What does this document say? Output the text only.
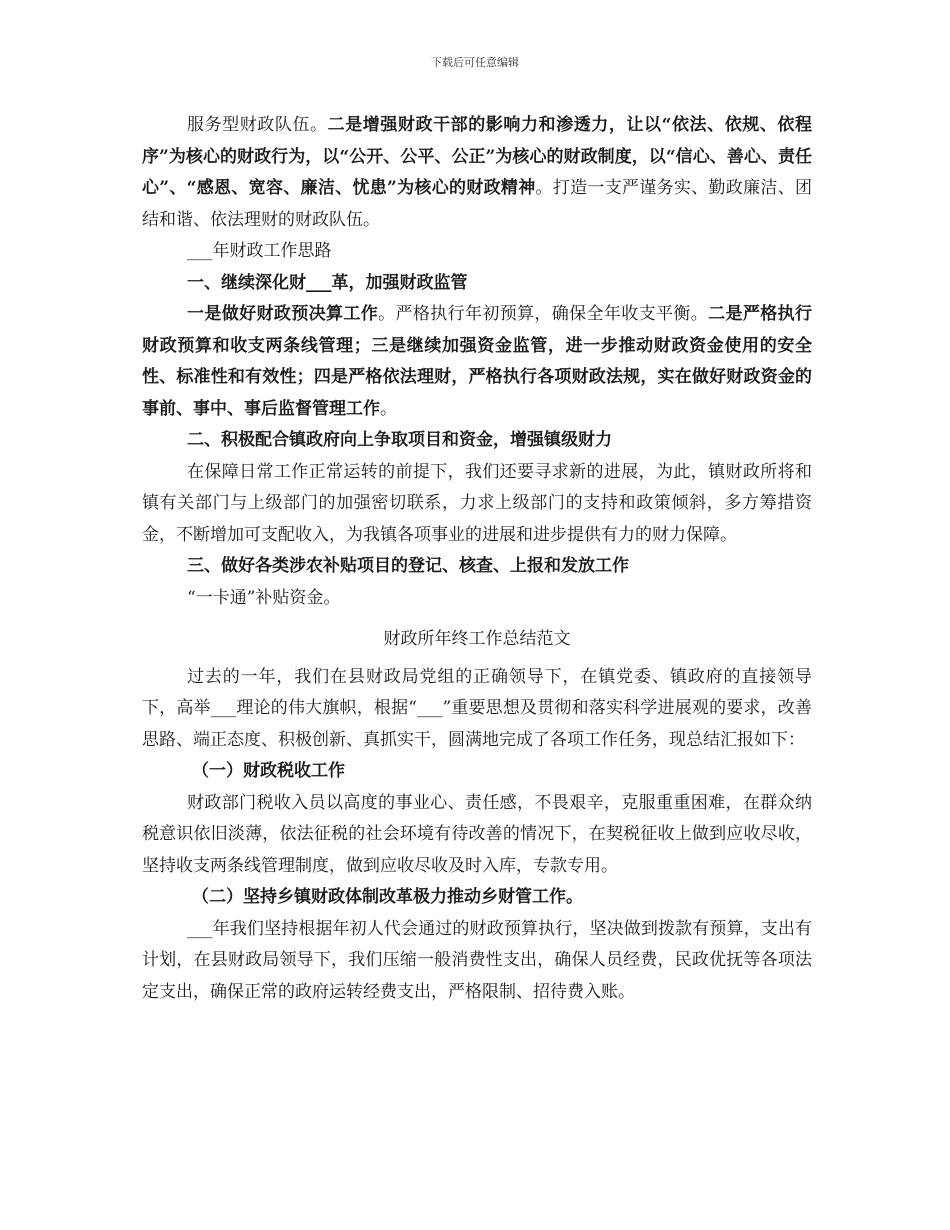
下载后可任意编辑

服务型财政队伍。二是增强财政干部的影响力和渗透力，让以“依法、依规、依程序”为核心的财政行为，以“公开、公平、公正”为核心的财政制度，以“信心、善心、责任心”、“感恩、宽容、廉洁、忧患”为核心的财政精神。打造一支严谨务实、勤政廉洁、团结和谐、依法理财的财政队伍。

___年财政工作思路

一、继续深化财___革，加强财政监管

一是做好财政预决算工作。严格执行年初预算，确保全年收支平衡。二是严格执行财政预算和收支两条线管理；三是继续加强资金监管，进一步推动财政资金使用的安全性、标准性和有效性；四是严格依法理财，严格执行各项财政法规，实在做好财政资金的事前、事中、事后监督管理工作。

二、积极配合镇政府向上争取项目和资金，增强镇级财力

在保障日常工作正常运转的前提下，我们还要寻求新的进展，为此，镇财政所将和镇有关部门与上级部门的加强密切联系，力求上级部门的支持和政策倾斜，多方筹措资金，不断增加可支配收入，为我镇各项事业的进展和进步提供有力的财力保障。

三、做好各类涉农补贴项目的登记、核查、上报和发放工作

“一卡通”补贴资金。

财政所年终工作总结范文

过去的一年，我们在县财政局党组的正确领导下，在镇党委、镇政府的直接领导下，高举___理论的伟大旗帜，根据“___”重要思想及贯彻和落实科学进展观的要求，改善思路、端正态度、积极创新、真抓实干，圆满地完成了各项工作任务，现总结汇报如下：

（一）财政税收工作

财政部门税收入员以高度的事业心、责任感，不畏艰辛，克服重重困难，在群众纳税意识依旧淡薄，依法征税的社会环境有待改善的情况下，在契税征收上做到应收尽收，坚持收支两条线管理制度，做到应收尽收及时入库，专款专用。

（二）坚持乡镇财政体制改革极力推动乡财管工作。

___年我们坚持根据年初人代会通过的财政预算执行，坚决做到拨款有预算，支出有计划，在县财政局领导下，我们压缩一般消费性支出，确保人员经费，民政优抚等各项法定支出，确保正常的政府运转经费支出，严格限制、招待费入账。
